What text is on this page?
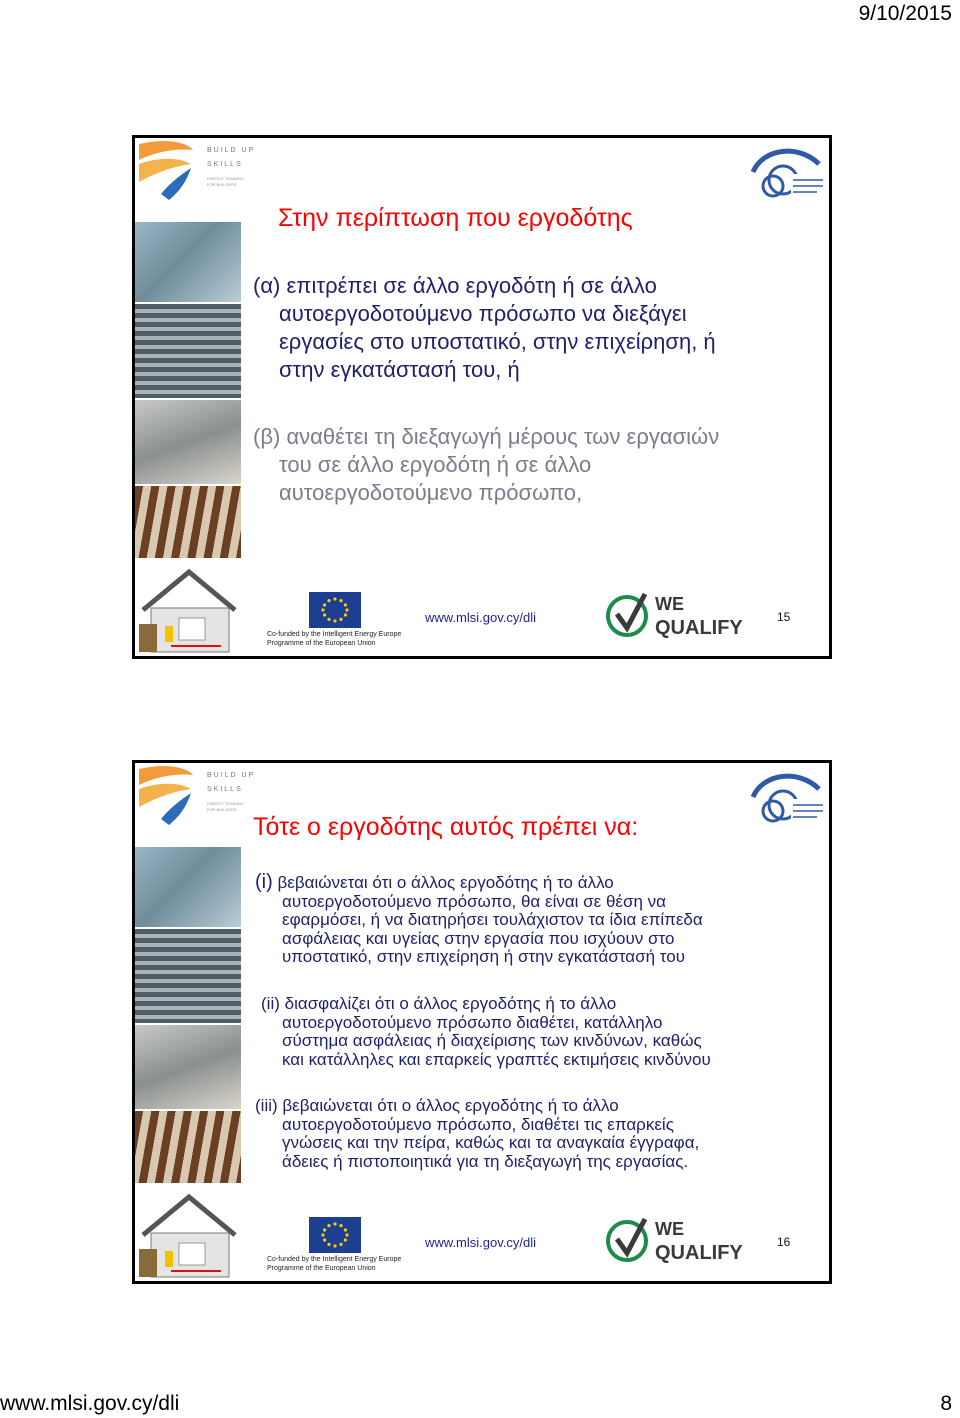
9/10/2015
www.mlsi.gov.cy/dli	8
BUILD UP
SKILLS
ENERGY TRAINING
FOR BUILDERS
Στην περίπτωση που εργοδότης
(α) επιτρέπει σε άλλο εργοδότη ή σε άλλο
αυτοεργοδοτούμενο πρόσωπο να διεξάγει
εργασίες στο υποστατικό, στην επιχείρηση, ή
στην εγκατάστασή του, ή
(β) αναθέτει τη διεξαγωγή μέρους των εργασιών
του σε άλλο εργοδότη ή σε άλλο
αυτοεργοδοτούμενο πρόσωπο,
Co-funded by the Intelligent Energy Europe
Programme of the European Union
www.mlsi.gov.cy/dli
WE
QUALIFY	15
BUILD UP
SKILLS
ENERGY TRAINING
FOR BUILDERS
Τότε ο εργοδότης αυτός πρέπει να:
(i) βεβαιώνεται ότι ο άλλος εργοδότης ή το άλλο
αυτοεργοδοτούμενο πρόσωπο, θα είναι σε θέση να
εφαρμόσει, ή να διατηρήσει τουλάχιστον τα ίδια επίπεδα
ασφάλειας και υγείας στην εργασία που ισχύουν στο
υποστατικό, στην επιχείρηση ή στην εγκατάστασή του
(ii) διασφαλίζει ότι ο άλλος εργοδότης ή το άλλο
αυτοεργοδοτούμενο πρόσωπο διαθέτει, κατάλληλο
σύστημα ασφάλειας ή διαχείρισης των κινδύνων, καθώς
και κατάλληλες και επαρκείς γραπτές εκτιμήσεις κινδύνου
(iii) βεβαιώνεται ότι ο άλλος εργοδότης ή το άλλο
αυτοεργοδοτούμενο πρόσωπο, διαθέτει τις επαρκείς
γνώσεις και την πείρα, καθώς και τα αναγκαία έγγραφα,
άδειες ή πιστοποιητικά για τη διεξαγωγή της εργασίας.
Co-funded by the Intelligent Energy Europe
Programme of the European Union
www.mlsi.gov.cy/dli
WE
QUALIFY	16
